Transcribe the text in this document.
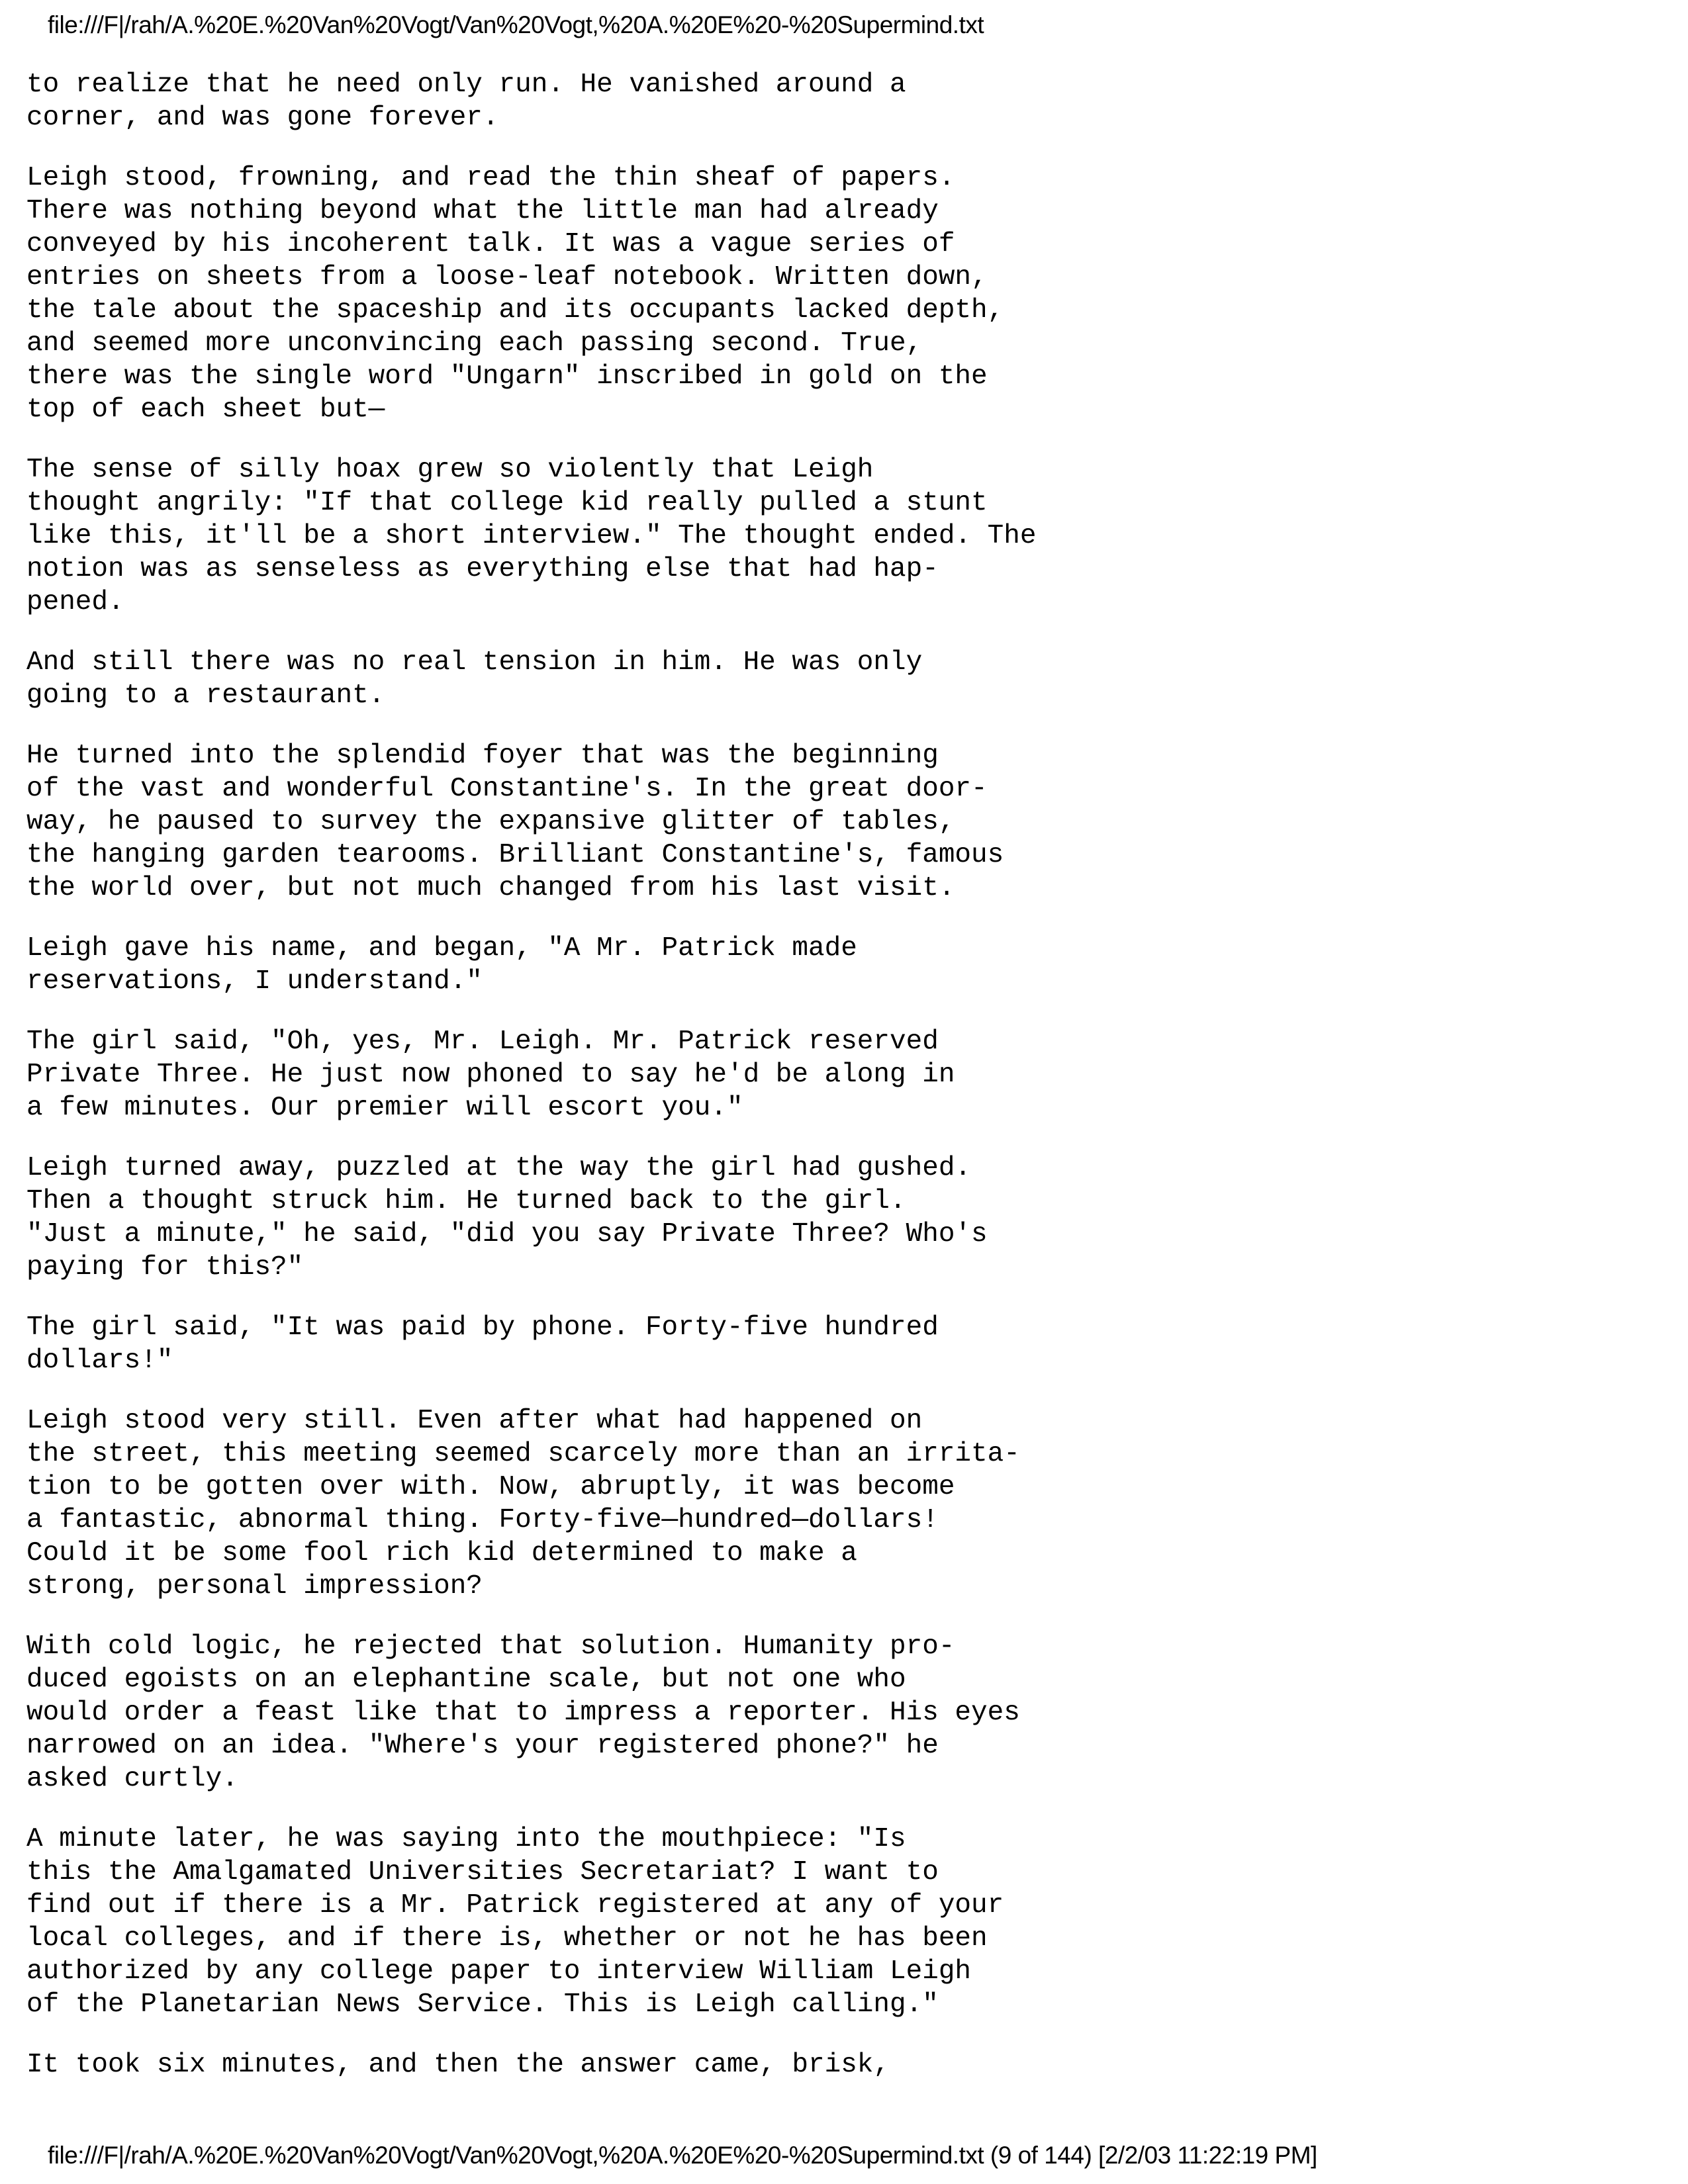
file:///F|/rah/A.%20E.%20Van%20Vogt/Van%20Vogt,%20A.%20E%20-%20Supermind.txt

to realize that he need only run. He vanished around a
corner, and was gone forever.

Leigh stood, frowning, and read the thin sheaf of papers.
There was nothing beyond what the little man had already
conveyed by his incoherent talk. It was a vague series of
entries on sheets from a loose-leaf notebook. Written down,
the tale about the spaceship and its occupants lacked depth,
and seemed more unconvincing each passing second. True,
there was the single word "Ungarn" inscribed in gold on the
top of each sheet but—

The sense of silly hoax grew so violently that Leigh
thought angrily: "If that college kid really pulled a stunt
like this, it'll be a short interview." The thought ended. The
notion was as senseless as everything else that had hap-
pened.

And still there was no real tension in him. He was only
going to a restaurant.

He turned into the splendid foyer that was the beginning
of the vast and wonderful Constantine's. In the great door-
way, he paused to survey the expansive glitter of tables,
the hanging garden tearooms. Brilliant Constantine's, famous
the world over, but not much changed from his last visit.

Leigh gave his name, and began, "A Mr. Patrick made
reservations, I understand."

The girl said, "Oh, yes, Mr. Leigh. Mr. Patrick reserved
Private Three. He just now phoned to say he'd be along in
a few minutes. Our premier will escort you."

Leigh turned away, puzzled at the way the girl had gushed.
Then a thought struck him. He turned back to the girl.
"Just a minute," he said, "did you say Private Three? Who's
paying for this?"

The girl said, "It was paid by phone. Forty-five hundred
dollars!"

Leigh stood very still. Even after what had happened on
the street, this meeting seemed scarcely more than an irrita-
tion to be gotten over with. Now, abruptly, it was become
a fantastic, abnormal thing. Forty-five—hundred—dollars!
Could it be some fool rich kid determined to make a
strong, personal impression?

With cold logic, he rejected that solution. Humanity pro-
duced egoists on an elephantine scale, but not one who
would order a feast like that to impress a reporter. His eyes
narrowed on an idea. "Where's your registered phone?" he
asked curtly.

A minute later, he was saying into the mouthpiece: "Is
this the Amalgamated Universities Secretariat? I want to
find out if there is a Mr. Patrick registered at any of your
local colleges, and if there is, whether or not he has been
authorized by any college paper to interview William Leigh
of the Planetarian News Service. This is Leigh calling."

It took six minutes, and then the answer came, brisk,

file:///F|/rah/A.%20E.%20Van%20Vogt/Van%20Vogt,%20A.%20E%20-%20Supermind.txt (9 of 144) [2/2/03 11:22:19 PM]
